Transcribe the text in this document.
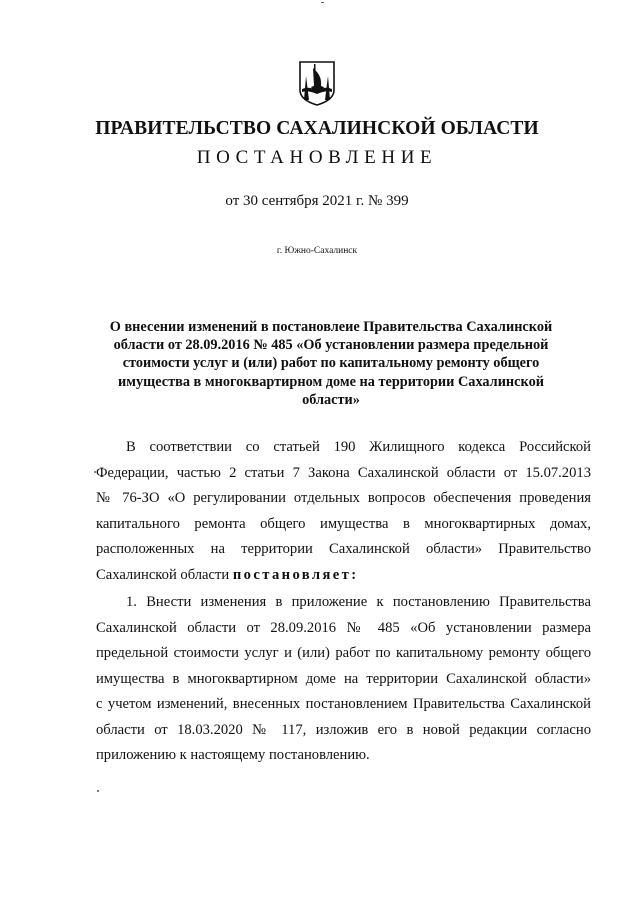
ПРАВИТЕЛЬСТВО САХАЛИНСКОЙ ОБЛАСТИ
ПОСТАНОВЛЕНИЕ
от 30 сентября 2021 г. № 399
г. Южно-Сахалинск
О внесении изменений в постановлеие Правительства Сахалинской
области от 28.09.2016 № 485 «Об установлении размера предельной
стоимости услуг и (или) работ по капитальному ремонту общего
имущества в многоквартирном доме на территории Сахалинской
области»
В соответствии со статьей 190 Жилищного кодекса Российской
Федерации, частью 2 статьи 7 Закона Сахалинской области от 15.07.2013
№ 76-ЗО «О регулировании отдельных вопросов обеспечения проведения
капитального ремонта общего имущества в многоквартирных домах,
расположенных на территории Сахалинской области» Правительство
Сахалинской области постановляет:
1. Внести изменения в приложение к постановлению Правительства
Сахалинской области от 28.09.2016 № 485 «Об установлении размера
предельной стоимости услуг и (или) работ по капитальному ремонту общего
имущества в многоквартирном доме на территории Сахалинской области»
с учетом изменений, внесенных постановлением Правительства Сахалинской
области от 18.03.2020 № 117, изложив его в новой редакции согласно
приложению к настоящему постановлению.
